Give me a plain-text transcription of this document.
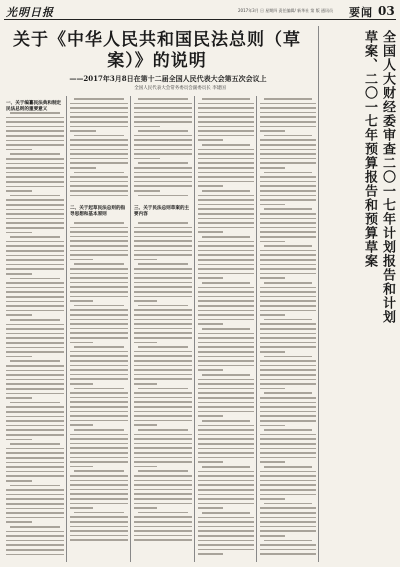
光明日报	2017年3月 日 星期四 责任编辑/ 新华社 第 版 通讯员 要闻 03
关于《中华人民共和国民法总则（草案）》的说明
——2017年3月8日在第十二届全国人民代表大会第五次会议上
全国人民代表大会常务委员会副委员长 李建国
一、关于编纂民法典和制定民法总则的重要意义
二、关于起草民法总则的指导思想和基本原则
三、关于民法总则草案的主要内容	全国人大财经委审查二〇一七年计划报告和计划草案、二〇一七年预算报告和预算草案
